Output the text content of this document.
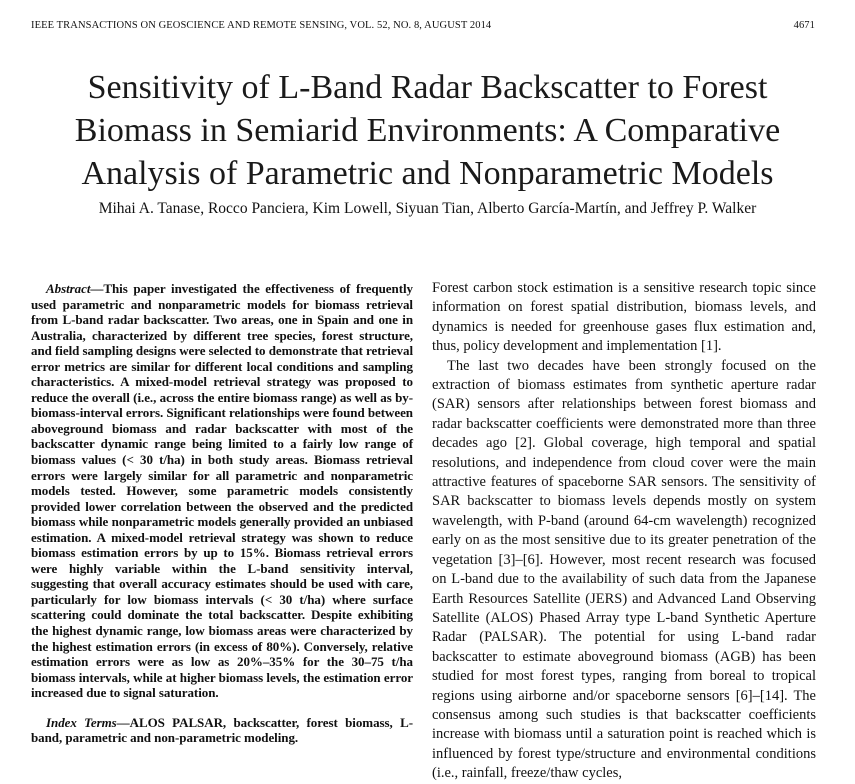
IEEE TRANSACTIONS ON GEOSCIENCE AND REMOTE SENSING, VOL. 52, NO. 8, AUGUST 2014	4671
Sensitivity of L-Band Radar Backscatter to Forest
Biomass in Semiarid Environments: A Comparative
Analysis of Parametric and Nonparametric Models
Mihai A. Tanase, Rocco Panciera, Kim Lowell, Siyuan Tian, Alberto García-Martín, and Jeffrey P. Walker

Abstract—This paper investigated the effectiveness of frequently used parametric and nonparametric models for biomass retrieval from L-band radar backscatter. Two areas, one in Spain and one in Australia, characterized by different tree species, forest structure, and field sampling designs were selected to demonstrate that retrieval error metrics are similar for different local conditions and sampling characteristics. A mixed-model retrieval strategy was proposed to reduce the overall (i.e., across the entire biomass range) as well as by-biomass-interval errors. Significant relationships were found between aboveground biomass and radar backscatter with most of the backscatter dynamic range being limited to a fairly low range of biomass values (< 30 t/ha) in both study areas. Biomass retrieval errors were largely similar for all parametric and nonparametric models tested. However, some parametric models consistently provided lower correlation between the observed and the predicted biomass while nonparametric models generally provided an unbiased estimation. A mixed-model retrieval strategy was shown to reduce biomass estimation errors by up to 15%. Biomass retrieval errors were highly variable within the L-band sensitivity interval, suggesting that overall accuracy estimates should be used with care, particularly for low biomass intervals (< 30 t/ha) where surface scattering could dominate the total backscatter. Despite exhibiting the highest dynamic range, low biomass areas were characterized by the highest estimation errors (in excess of 80%). Conversely, relative estimation errors were as low as 20%–35% for the 30–75 t/ha biomass intervals, while at higher biomass levels, the estimation error increased due to signal saturation.

Index Terms—ALOS PALSAR, backscatter, forest biomass, L-band, parametric and non-parametric modeling.

Forest carbon stock estimation is a sensitive research topic since information on forest spatial distribution, biomass levels, and dynamics is needed for greenhouse gases flux estimation and, thus, policy development and implementation [1].

The last two decades have been strongly focused on the extraction of biomass estimates from synthetic aperture radar (SAR) sensors after relationships between forest biomass and radar backscatter coefficients were demonstrated more than three decades ago [2]. Global coverage, high temporal and spatial resolutions, and independence from cloud cover were the main attractive features of spaceborne SAR sensors. The sensitivity of SAR backscatter to biomass levels depends mostly on system wavelength, with P-band (around 64-cm wavelength) recognized early on as the most sensitive due to its greater penetration of the vegetation [3]–[6]. However, most recent research was focused on L-band due to the availability of such data from the Japanese Earth Resources Satellite (JERS) and Advanced Land Observing Satellite (ALOS) Phased Array type L-band Synthetic Aperture Radar (PALSAR). The potential for using L-band radar backscatter to estimate aboveground biomass (AGB) has been studied for most forest types, ranging from boreal to tropical regions using airborne and/or spaceborne sensors [6]–[14]. The consensus among such studies is that backscatter coefficients increase with biomass until a saturation point is reached which is influenced by forest type/structure and environmental conditions (i.e., rainfall, freeze/thaw cycles,
